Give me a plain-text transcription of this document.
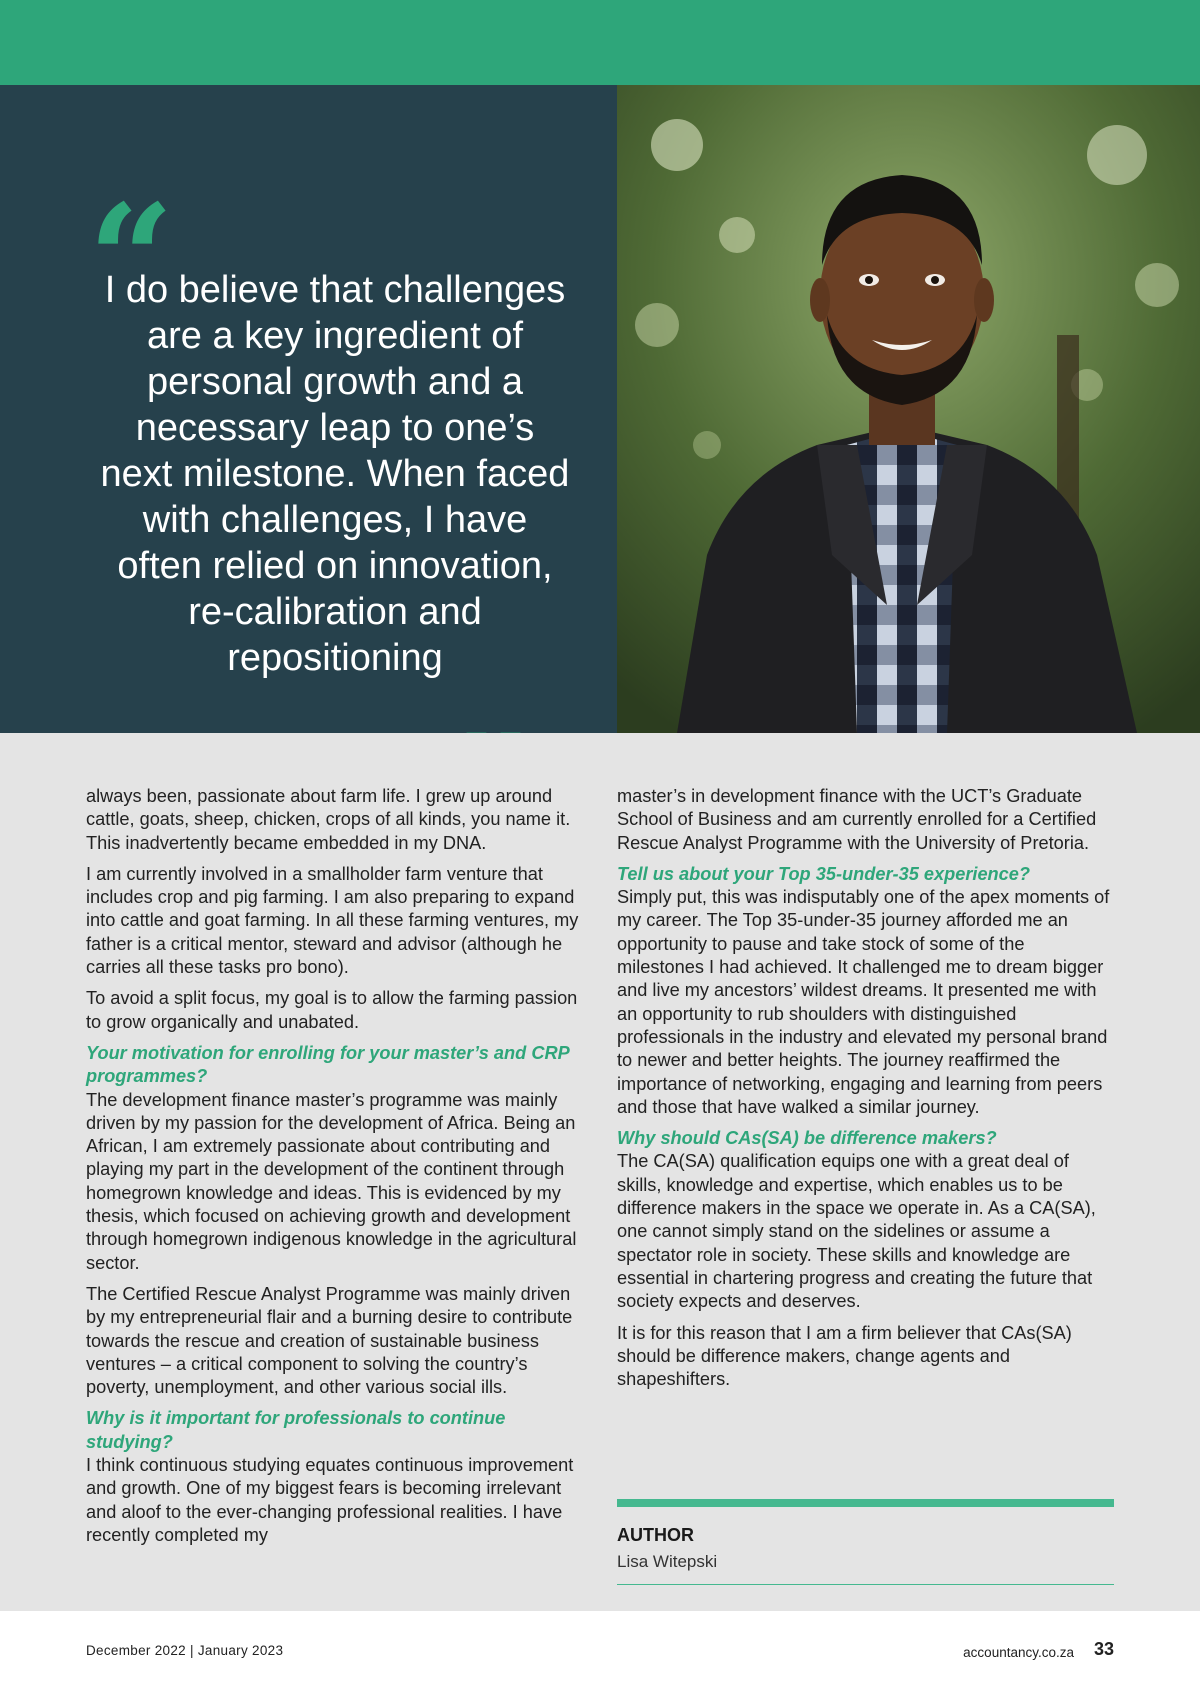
“

I do believe that challenges are a key ingredient of personal growth and a necessary leap to one’s next milestone. When faced with challenges, I have often relied on innovation, re-calibration and repositioning

always been, passionate about farm life. I grew up around cattle, goats, sheep, chicken, crops of all kinds, you name it. This inadvertently became embedded in my DNA.

I am currently involved in a smallholder farm venture that includes crop and pig farming. I am also preparing to expand into cattle and goat farming. In all these farming ventures, my father is a critical mentor, steward and advisor (although he carries all these tasks pro bono).

To avoid a split focus, my goal is to allow the farming passion to grow organically and unabated.

Your motivation for enrolling for your master’s and CRP programmes?

The development finance master’s programme was mainly driven by my passion for the development of Africa. Being an African, I am extremely passionate about contributing and playing my part in the development of the continent through homegrown knowledge and ideas. This is evidenced by my thesis, which focused on achieving growth and development through homegrown indigenous knowledge in the agricultural sector.

The Certified Rescue Analyst Programme was mainly driven by my entrepreneurial flair and a burning desire to contribute towards the rescue and creation of sustainable business ventures – a critical component to solving the country’s poverty, unemployment, and other various social ills.

Why is it important for professionals to continue studying?

I think continuous studying equates continuous improvement and growth. One of my biggest fears is becoming irrelevant and aloof to the ever-changing professional realities. I have recently completed my

master’s in development finance with the UCT’s Graduate School of Business and am currently enrolled for a Certified Rescue Analyst Programme with the University of Pretoria.

Tell us about your Top 35-under-35 experience?

Simply put, this was indisputably one of the apex moments of my career. The Top 35-under-35 journey afforded me an opportunity to pause and take stock of some of the milestones I had achieved. It challenged me to dream bigger and live my ancestors’ wildest dreams. It presented me with an opportunity to rub shoulders with distinguished professionals in the industry and elevated my personal brand to newer and better heights. The journey reaffirmed the importance of networking, engaging and learning from peers and those that have walked a similar journey.

Why should CAs(SA) be difference makers?

The CA(SA) qualification equips one with a great deal of skills, knowledge and expertise, which enables us to be difference makers in the space we operate in. As a CA(SA), one cannot simply stand on the sidelines or assume a spectator role in society. These skills and knowledge are essential in chartering progress and creating the future that society expects and deserves.

It is for this reason that I am a firm believer that CAs(SA) should be difference makers, change agents and shapeshifters.

AUTHOR
Lisa Witepski
December 2022 | January 2023	accountancy.co.za 33
